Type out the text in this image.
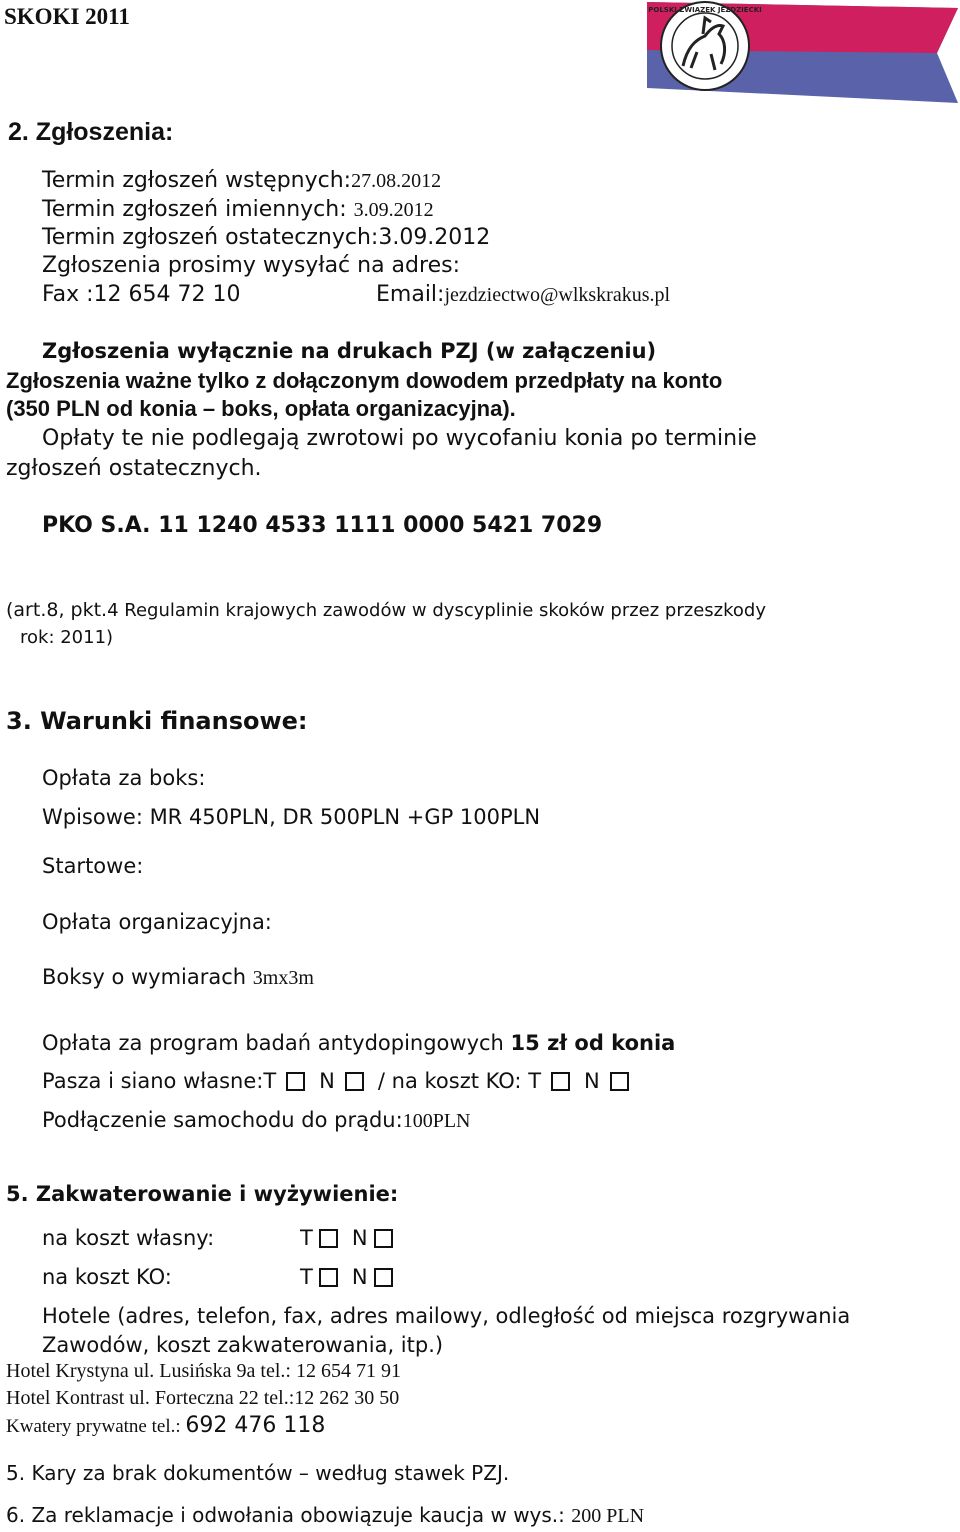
SKOKI 2011	POLSKI ZWIĄZEK JEŹDZIECKI
2. Zgłoszenia:
Termin zgłoszeń wstępnych:27.08.2012
Termin zgłoszeń imiennych: 3.09.2012
Termin zgłoszeń ostatecznych:3.09.2012
Zgłoszenia prosimy wysyłać na adres:
Fax :12 654 72 10	Email:jezdziectwo@wlkskrakus.pl
Zgłoszenia wyłącznie na drukach PZJ (w załączeniu)
Zgłoszenia ważne tylko z dołączonym dowodem przedpłaty na konto
(350 PLN od konia – boks, opłata organizacyjna).
Opłaty te nie podlegają zwrotowi po wycofaniu konia po terminie
zgłoszeń ostatecznych.
PKO S.A. 11 1240 4533 1111 0000 5421 7029
(art.8, pkt.4 Regulamin krajowych zawodów w dyscyplinie skoków przez przeszkody
rok: 2011)
3. Warunki finansowe:
Opłata za boks:
Wpisowe: MR 450PLN, DR 500PLN +GP 100PLN
Startowe:
Opłata organizacyjna:
Boksy o wymiarach 3mx3m
Opłata za program badań antydopingowych 15 zł od konia
Pasza i siano własne:T N / na koszt KO: T N
Podłączenie samochodu do prądu:100PLN
5. Zakwaterowanie i wyżywienie:
na koszt własny:	T N
na koszt KO:	T N
Hotele (adres, telefon, fax, adres mailowy, odległość od miejsca rozgrywania
Zawodów, koszt zakwaterowania, itp.)
Hotel Krystyna ul. Lusińska 9a tel.: 12 654 71 91
Hotel Kontrast ul. Forteczna 22 tel.:12 262 30 50
Kwatery prywatne tel.: 692 476 118
5. Kary za brak dokumentów – według stawek PZJ.
6. Za reklamacje i odwołania obowiązuje kaucja w wys.: 200 PLN
